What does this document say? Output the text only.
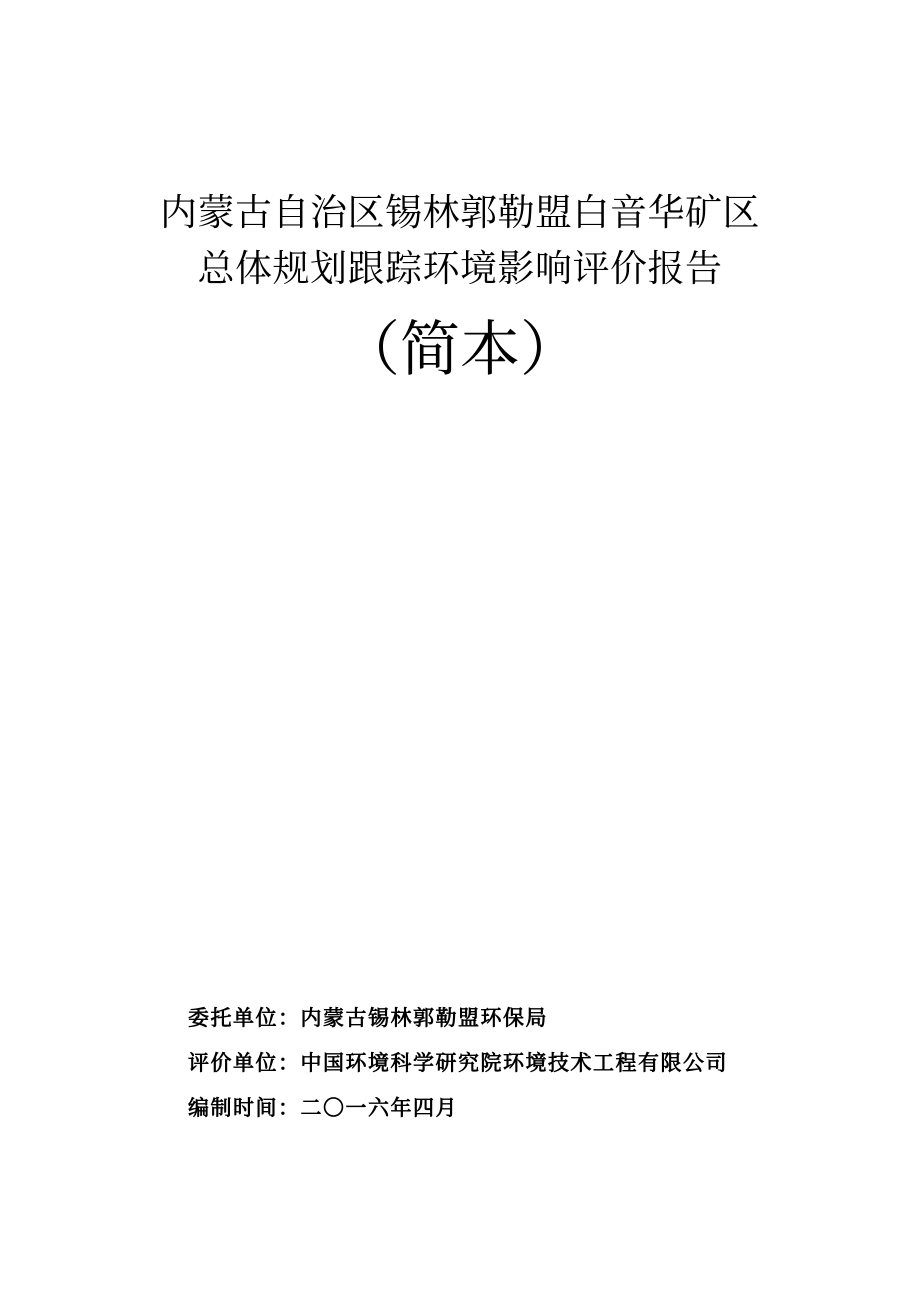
内蒙古自治区锡林郭勒盟白音华矿区
总体规划跟踪环境影响评价报告
（简本）
委托单位：内蒙古锡林郭勒盟环保局
评价单位：中国环境科学研究院环境技术工程有限公司
编制时间：二〇一六年四月
